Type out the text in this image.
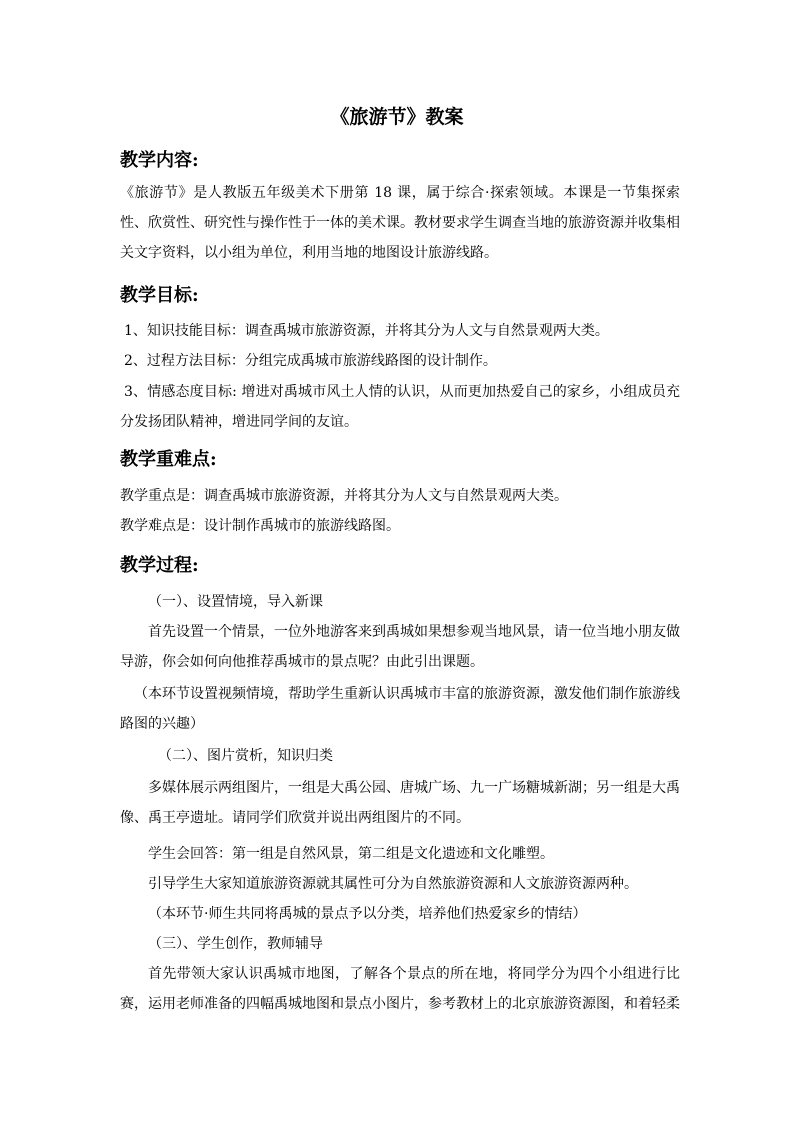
《旅游节》教案
教学内容:

《旅游节》是人教版五年级美术下册第 18 课，属于综合·探索领域。本课是一节集探索性、欣赏性、研究性与操作性于一体的美术课。教材要求学生调查当地的旅游资源并收集相关文字资料，以小组为单位，利用当地的地图设计旅游线路。

教学目标:

1、知识技能目标：调查禹城市旅游资源，并将其分为人文与自然景观两大类。

2、过程方法目标：分组完成禹城市旅游线路图的设计制作。

3、情感态度目标: 增进对禹城市风土人情的认识，从而更加热爱自己的家乡，小组成员充分发扬团队精神，增进同学间的友谊。

教学重难点:

教学重点是：调查禹城市旅游资源，并将其分为人文与自然景观两大类。

教学难点是：设计制作禹城市的旅游线路图。

教学过程:

（一）、设置情境，导入新课

首先设置一个情景，一位外地游客来到禹城如果想参观当地风景，请一位当地小朋友做导游，你会如何向他推荐禹城市的景点呢？由此引出课题。

（本环节设置视频情境，帮助学生重新认识禹城市丰富的旅游资源，激发他们制作旅游线路图的兴趣）

（二）、图片赏析，知识归类

多媒体展示两组图片，一组是大禹公园、唐城广场、九一广场糖城新湖；另一组是大禹像、禹王亭遗址。请同学们欣赏并说出两组图片的不同。

学生会回答：第一组是自然风景，第二组是文化遗迹和文化雕塑。

引导学生大家知道旅游资源就其属性可分为自然旅游资源和人文旅游资源两种。

（本环节·师生共同将禹城的景点予以分类，培养他们热爱家乡的情结）

（三）、学生创作，教师辅导

首先带领大家认识禹城市地图，了解各个景点的所在地，将同学分为四个小组进行比赛，运用老师准备的四幅禹城地图和景点小图片，参考教材上的北京旅游资源图，和着轻柔
